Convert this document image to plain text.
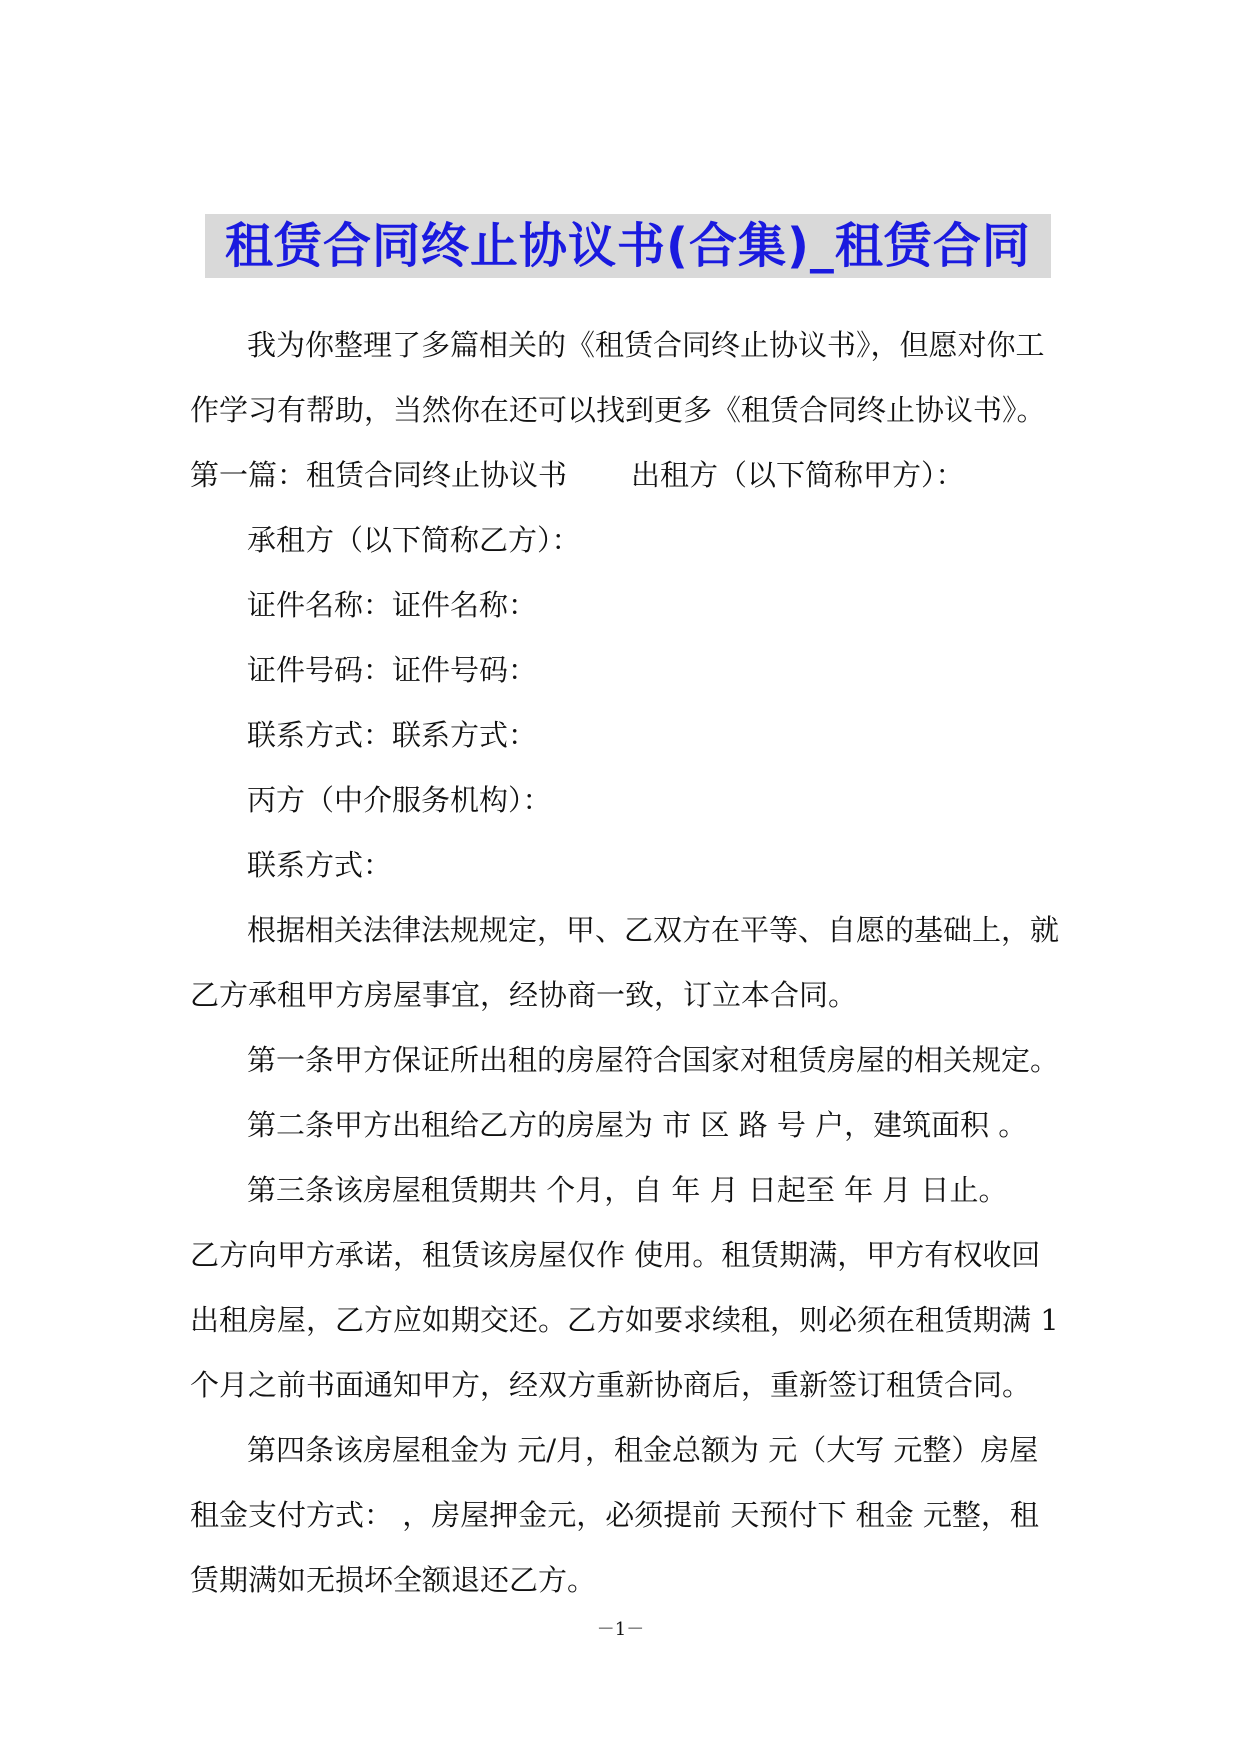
租赁合同终止协议书(合集)_租赁合同
我为你整理了多篇相关的《租赁合同终止协议书》，但愿对你工
作学习有帮助，当然你在还可以找到更多《租赁合同终止协议书》。
第一篇：租赁合同终止协议书 出租方（以下简称甲方）：
承租方（以下简称乙方）：
证件名称：证件名称：
证件号码：证件号码：
联系方式：联系方式：
丙方（中介服务机构）：
联系方式：
根据相关法律法规规定，甲、乙双方在平等、自愿的基础上，就
乙方承租甲方房屋事宜，经协商一致，订立本合同。
第一条甲方保证所出租的房屋符合国家对租赁房屋的相关规定。
第二条甲方出租给乙方的房屋为 市 区 路 号 户，建筑面积 。
第三条该房屋租赁期共 个月，自 年 月 日起至 年 月 日止。
乙方向甲方承诺，租赁该房屋仅作 使用。租赁期满，甲方有权收回
出租房屋，乙方应如期交还。乙方如要求续租，则必须在租赁期满 1
个月之前书面通知甲方，经双方重新协商后，重新签订租赁合同。
第四条该房屋租金为 元/月，租金总额为 元（大写 元整）房屋
租金支付方式： ，房屋押金元，必须提前 天预付下 租金 元整，租
赁期满如无损坏全额退还乙方。
－1－
